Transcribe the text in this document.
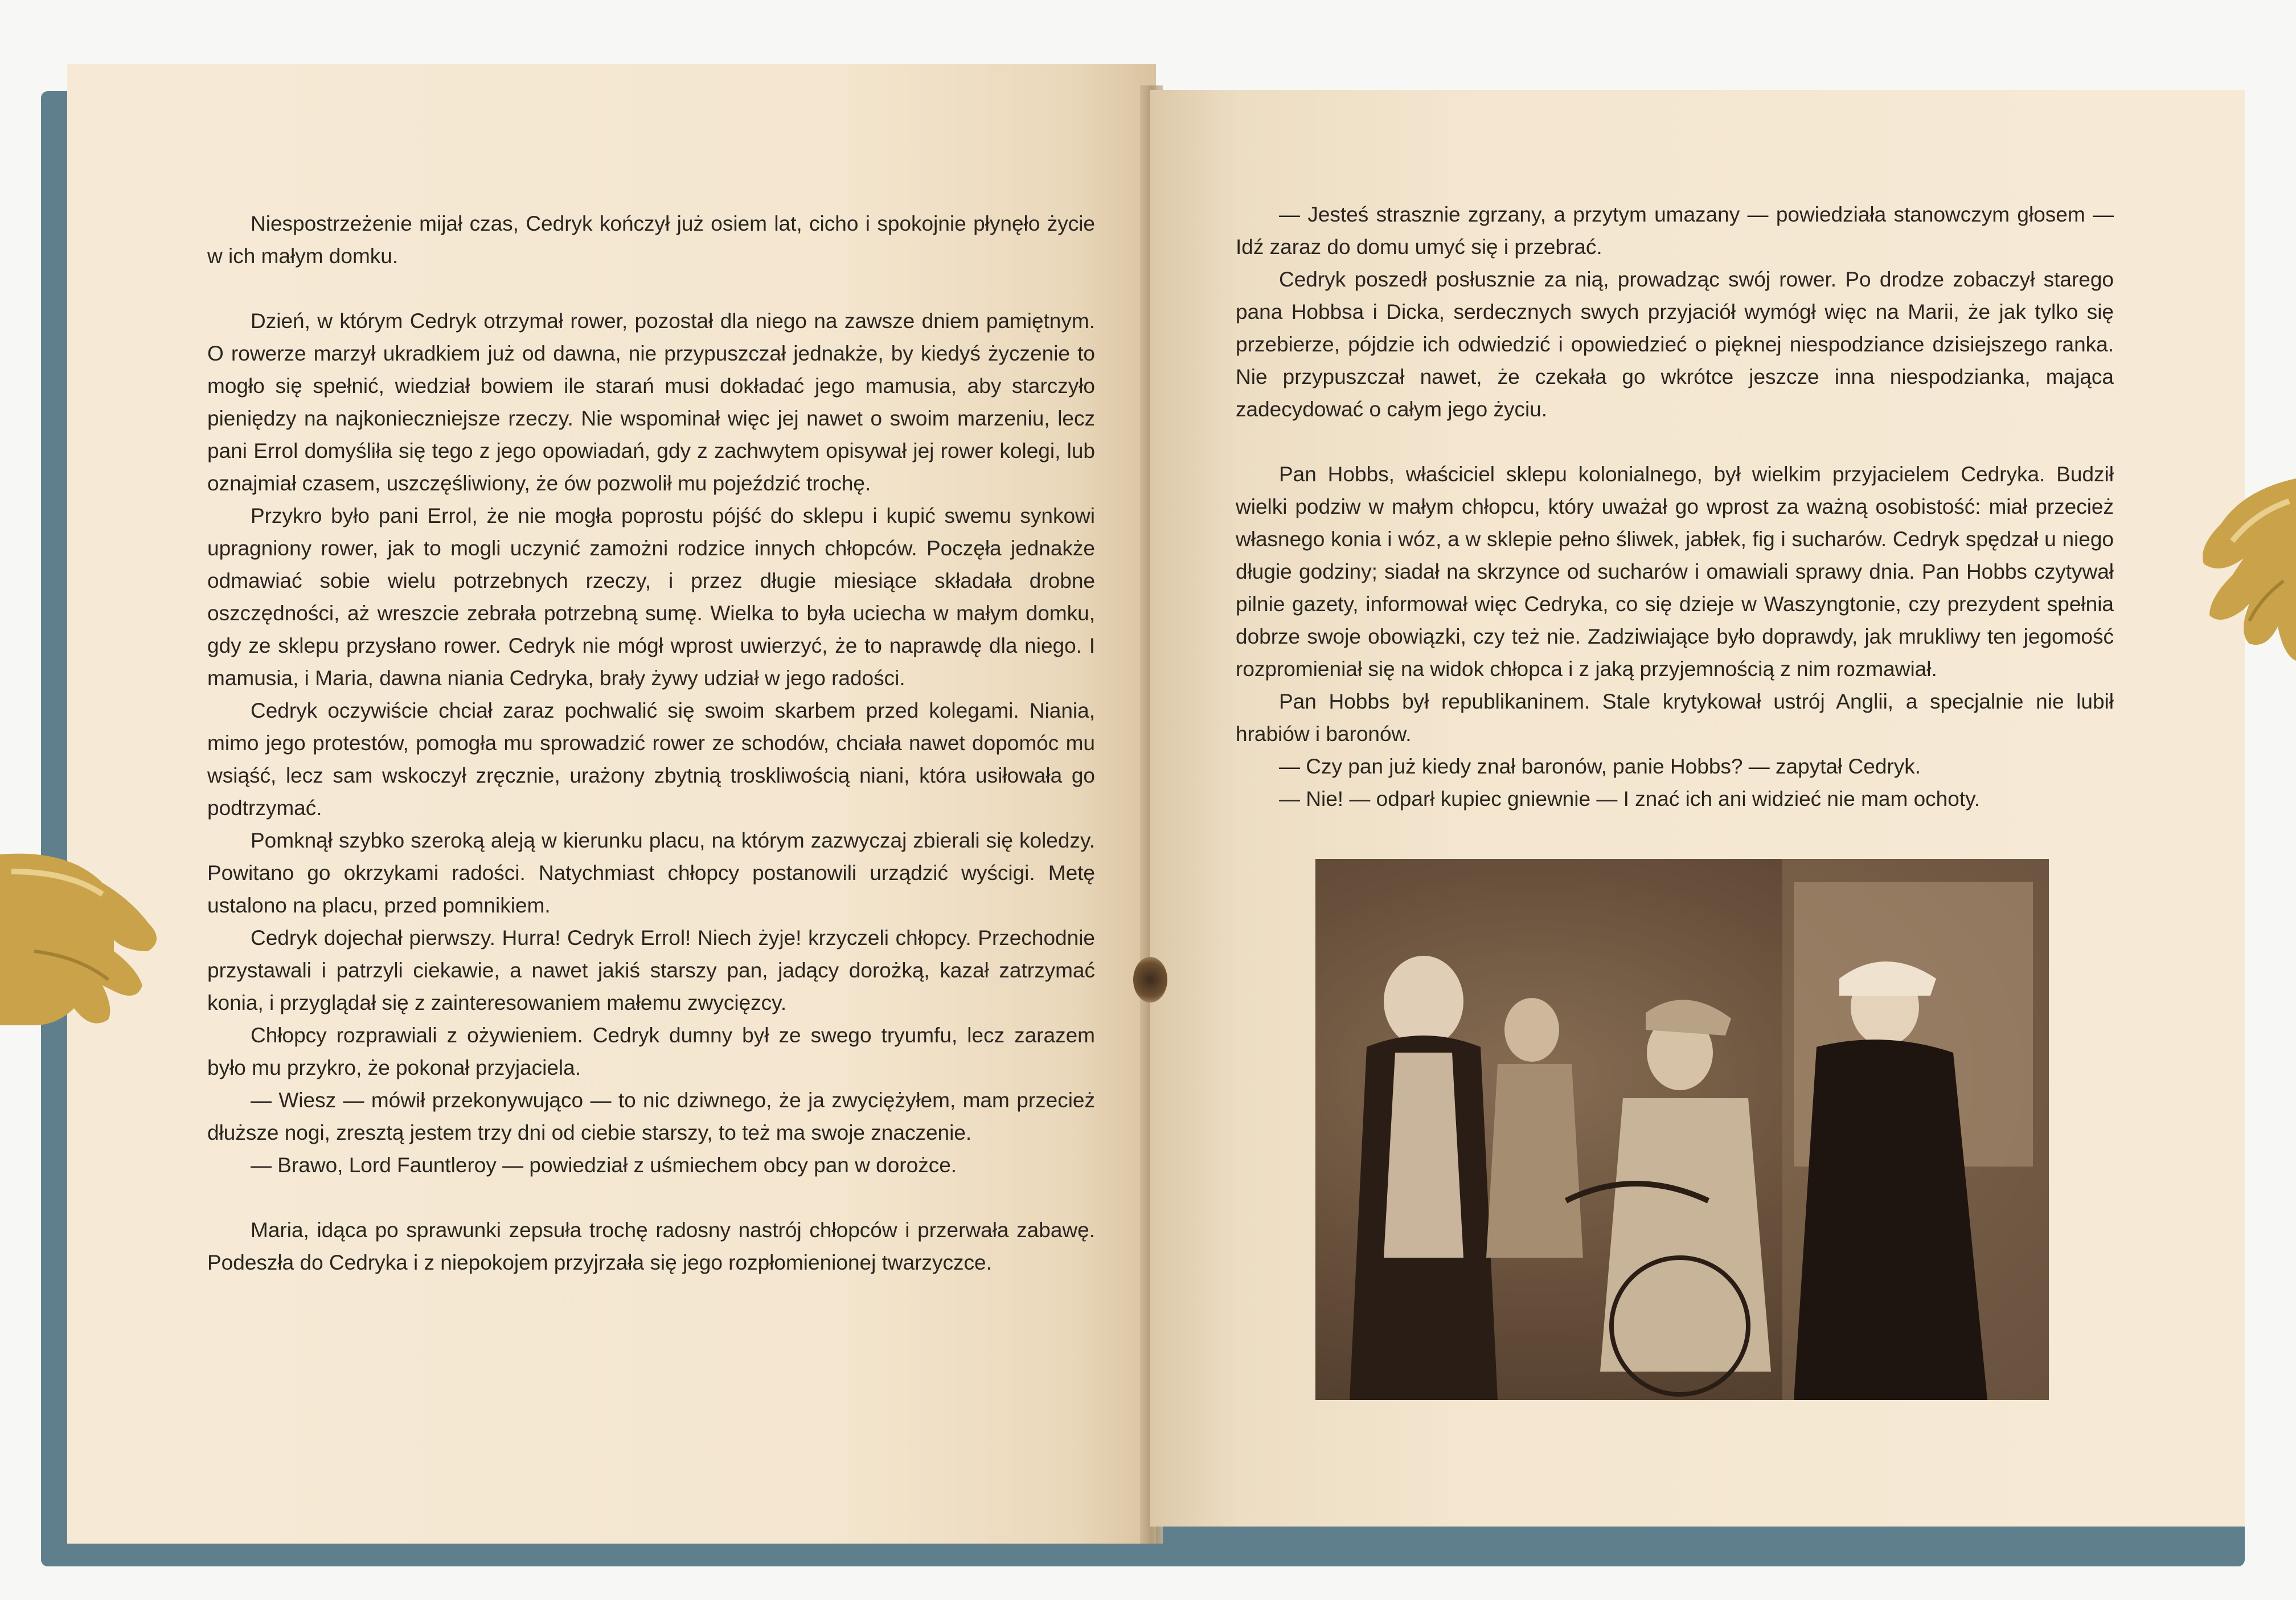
Niespostrzeżenie mijał czas, Cedryk kończył już osiem lat, cicho i spokojnie płynęło życie w ich małym domku.

Dzień, w którym Cedryk otrzymał rower, pozostał dla niego na zawsze dniem pamiętnym. O rowerze marzył ukradkiem już od dawna, nie przypuszczał jednakże, by kiedyś życzenie to mogło się spełnić, wiedział bowiem ile starań musi dokładać jego mamusia, aby starczyło pieniędzy na najkonieczniejsze rzeczy. Nie wspominał więc jej nawet o swoim marzeniu, lecz pani Errol domyśliła się tego z jego opowiadań, gdy z zachwytem opisywał jej rower kolegi, lub oznajmiał czasem, uszczęśliwiony, że ów pozwolił mu pojeździć trochę.

Przykro było pani Errol, że nie mogła poprostu pójść do sklepu i kupić swemu synkowi upragniony rower, jak to mogli uczynić zamożni rodzice innych chłopców. Poczęła jednakże odmawiać sobie wielu potrzebnych rzeczy, i przez długie miesiące składała drobne oszczędności, aż wreszcie zebrała potrzebną sumę. Wielka to była uciecha w małym domku, gdy ze sklepu przysłano rower. Cedryk nie mógł wprost uwierzyć, że to naprawdę dla niego. I mamusia, i Maria, dawna niania Cedryka, brały żywy udział w jego radości.

Cedryk oczywiście chciał zaraz pochwalić się swoim skarbem przed kolegami. Niania, mimo jego protestów, pomogła mu sprowadzić rower ze schodów, chciała nawet dopomóc mu wsiąść, lecz sam wskoczył zręcznie, urażony zbytnią troskliwością niani, która usiłowała go podtrzymać.

Pomknął szybko szeroką aleją w kierunku placu, na którym zazwyczaj zbierali się koledzy. Powitano go okrzykami radości. Natychmiast chłopcy postanowili urządzić wyścigi. Metę ustalono na placu, przed pomnikiem.

Cedryk dojechał pierwszy. Hurra! Cedryk Errol! Niech żyje! krzyczeli chłopcy. Przechodnie przystawali i patrzyli ciekawie, a nawet jakiś starszy pan, jadący dorożką, kazał zatrzymać konia, i przyglądał się z zainteresowaniem małemu zwycięzcy.

Chłopcy rozprawiali z ożywieniem. Cedryk dumny był ze swego tryumfu, lecz zarazem było mu przykro, że pokonał przyjaciela.

— Wiesz — mówił przekonywująco — to nic dziwnego, że ja zwyciężyłem, mam przecież dłuższe nogi, zresztą jestem trzy dni od ciebie starszy, to też ma swoje znaczenie.

— Brawo, Lord Fauntleroy — powiedział z uśmiechem obcy pan w dorożce.

Maria, idąca po sprawunki zepsuła trochę radosny nastrój chłopców i przerwała zabawę. Podeszła do Cedryka i z niepokojem przyjrzała się jego rozpłomienionej twarzyczce.

— Jesteś strasznie zgrzany, a przytym umazany — powiedziała stanowczym głosem — Idź zaraz do domu umyć się i przebrać.

Cedryk poszedł posłusznie za nią, prowadząc swój rower. Po drodze zobaczył starego pana Hobbsa i Dicka, serdecznych swych przyjaciół wymógł więc na Marii, że jak tylko się przebierze, pójdzie ich odwiedzić i opowiedzieć o pięknej niespodziance dzisiejszego ranka. Nie przypuszczał nawet, że czekała go wkrótce jeszcze inna niespodzianka, mająca zadecydować o całym jego życiu.

Pan Hobbs, właściciel sklepu kolonialnego, był wielkim przyjacielem Cedryka. Budził wielki podziw w małym chłopcu, który uważał go wprost za ważną osobistość: miał przecież własnego konia i wóz, a w sklepie pełno śliwek, jabłek, fig i sucharów. Cedryk spędzał u niego długie godziny; siadał na skrzynce od sucharów i omawiali sprawy dnia. Pan Hobbs czytywał pilnie gazety, informował więc Cedryka, co się dzieje w Waszyngtonie, czy prezydent spełnia dobrze swoje obowiązki, czy też nie. Zadziwiające było doprawdy, jak mrukliwy ten jegomość rozpromieniał się na widok chłopca i z jaką przyjemnością z nim rozmawiał.

Pan Hobbs był republikaninem. Stale krytykował ustrój Anglii, a specjalnie nie lubił hrabiów i baronów.

— Czy pan już kiedy znał baronów, panie Hobbs? — zapytał Cedryk.

— Nie! — odparł kupiec gniewnie — I znać ich ani widzieć nie mam ochoty.
